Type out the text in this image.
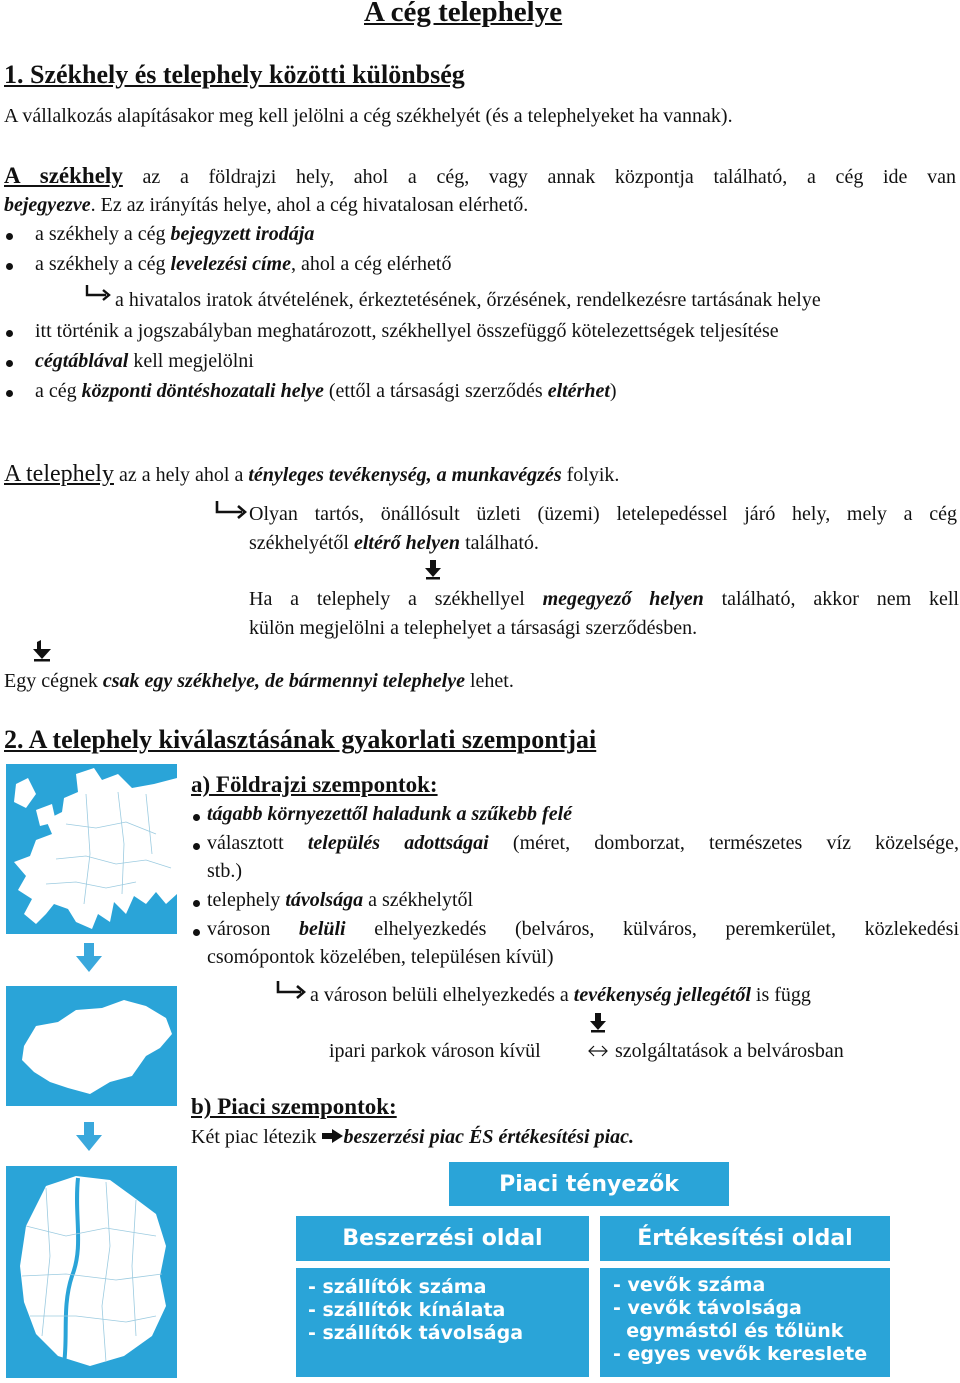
A cég telephelye
1. Székhely és telephely közötti különbség
A vállalkozás alapításakor meg kell jelölni a cég székhelyét (és a telephelyeket ha vannak).
A székhely az a földrajzi hely, ahol a cég, vagy annak központja található, a cég ide van
bejegyezve. Ez az irányítás helye, ahol a cég hivatalosan elérhető.
a székhely a cég bejegyzett irodája
a székhely a cég levelezési címe, ahol a cég elérhető
a hivatalos iratok átvételének, érkeztetésének, őrzésének, rendelkezésre tartásának helye
itt történik a jogszabályban meghatározott, székhellyel összefüggő kötelezettségek teljesítése
cégtáblával kell megjelölni
a cég központi döntéshozatali helye (ettől a társasági szerződés eltérhet)
A telephely az a hely ahol a tényleges tevékenység, a munkavégzés folyik.
Olyan tartós, önállósult üzleti (üzemi) letelepedéssel járó hely, mely a cég
székhelyétől eltérő helyen található.
Ha a telephely a székhellyel megegyező helyen található, akkor nem kell
külön megjelölni a telephelyet a társasági szerződésben.
Egy cégnek csak egy székhelye, de bármennyi telephelye lehet.
2. A telephely kiválasztásának gyakorlati szempontjai
a) Földrajzi szempontok:
tágabb környezettől haladunk a szűkebb felé
választott település adottságai (méret, domborzat, természetes víz közelsége,
stb.)
telephely távolsága a székhelytől
városon belüli elhelyezkedés (belváros, külváros, peremkerület, közlekedési
csomópontok közelében, településen kívül)
a városon belüli elhelyezkedés a tevékenység jellegétől is függ
ipari parkok városon kívül	szolgáltatások a belvárosban
b) Piaci szempontok:
Két piac létezik beszerzési piac ÉS értékesítési piac.
Piaci tényezők
Beszerzési oldal
- szállítók száma
- szállítók kínálata
- szállítók távolsága
Értékesítési oldal
- vevők száma
- vevők távolsága
egymástól és tőlünk
- egyes vevők kereslete
